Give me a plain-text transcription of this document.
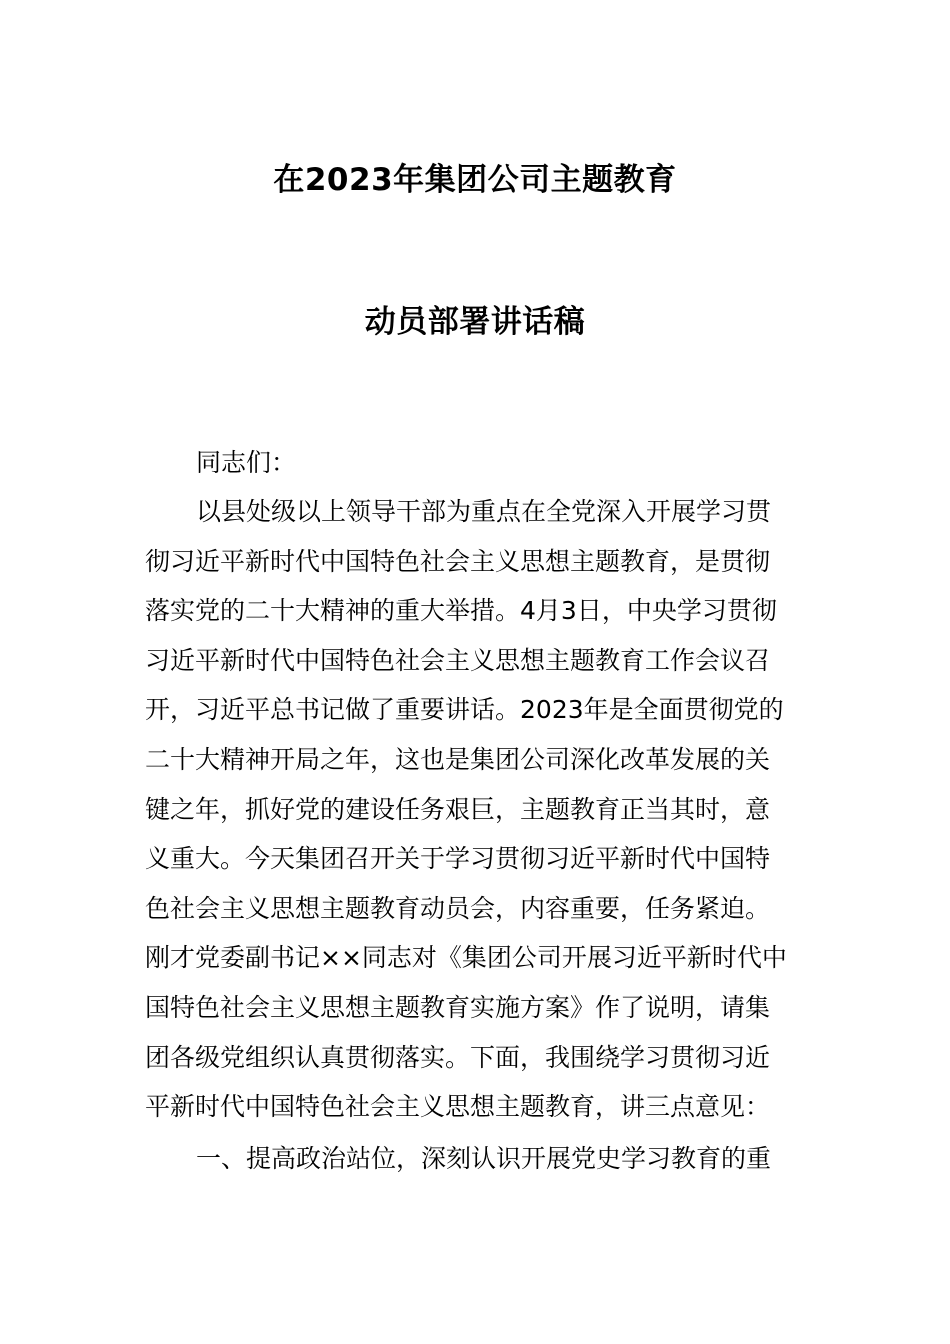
在2023年集团公司主题教育
动员部署讲话稿
同志们：
以县处级以上领导干部为重点在全党深入开展学习贯
彻习近平新时代中国特色社会主义思想主题教育，是贯彻
落实党的二十大精神的重大举措。4月3日，中央学习贯彻
习近平新时代中国特色社会主义思想主题教育工作会议召
开，习近平总书记做了重要讲话。2023年是全面贯彻党的
二十大精神开局之年，这也是集团公司深化改革发展的关
键之年，抓好党的建设任务艰巨，主题教育正当其时，意
义重大。今天集团召开关于学习贯彻习近平新时代中国特
色社会主义思想主题教育动员会，内容重要，任务紧迫。
刚才党委副书记××同志对《集团公司开展习近平新时代中
国特色社会主义思想主题教育实施方案》作了说明，请集
团各级党组织认真贯彻落实。下面，我围绕学习贯彻习近
平新时代中国特色社会主义思想主题教育，讲三点意见：
一、提高政治站位，深刻认识开展党史学习教育的重
